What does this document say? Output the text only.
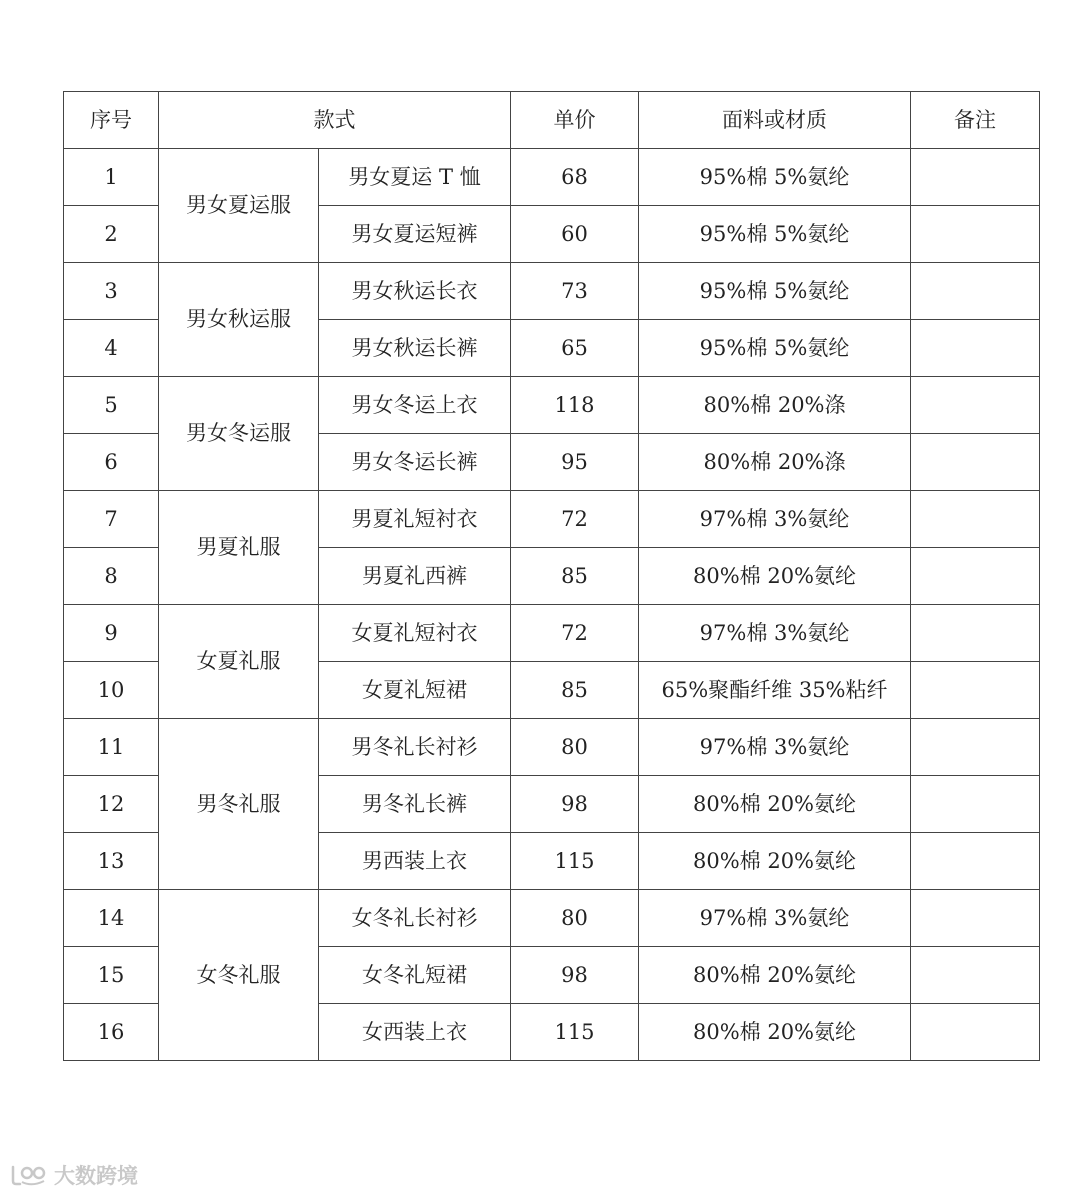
序号	款式		单价	面料或材质	备注
1	男女夏运服	男女夏运 T 恤	68	95%棉 5%氨纶	
2		男女夏运短裤	60	95%棉 5%氨纶	
3	男女秋运服	男女秋运长衣	73	95%棉 5%氨纶	
4		男女秋运长裤	65	95%棉 5%氨纶	
5	男女冬运服	男女冬运上衣	118	80%棉 20%涤	
6		男女冬运长裤	95	80%棉 20%涤	
7	男夏礼服	男夏礼短衬衣	72	97%棉 3%氨纶	
8		男夏礼西裤	85	80%棉 20%氨纶	
9	女夏礼服	女夏礼短衬衣	72	97%棉 3%氨纶	
10		女夏礼短裙	85	65%聚酯纤维 35%粘纤	
11	男冬礼服	男冬礼长衬衫	80	97%棉 3%氨纶	
12		男冬礼长裤	98	80%棉 20%氨纶	
13		男西装上衣	115	80%棉 20%氨纶	
14	女冬礼服	女冬礼长衬衫	80	97%棉 3%氨纶	
15		女冬礼短裙	98	80%棉 20%氨纶	
16		女西装上衣	115	80%棉 20%氨纶	
大数跨境
